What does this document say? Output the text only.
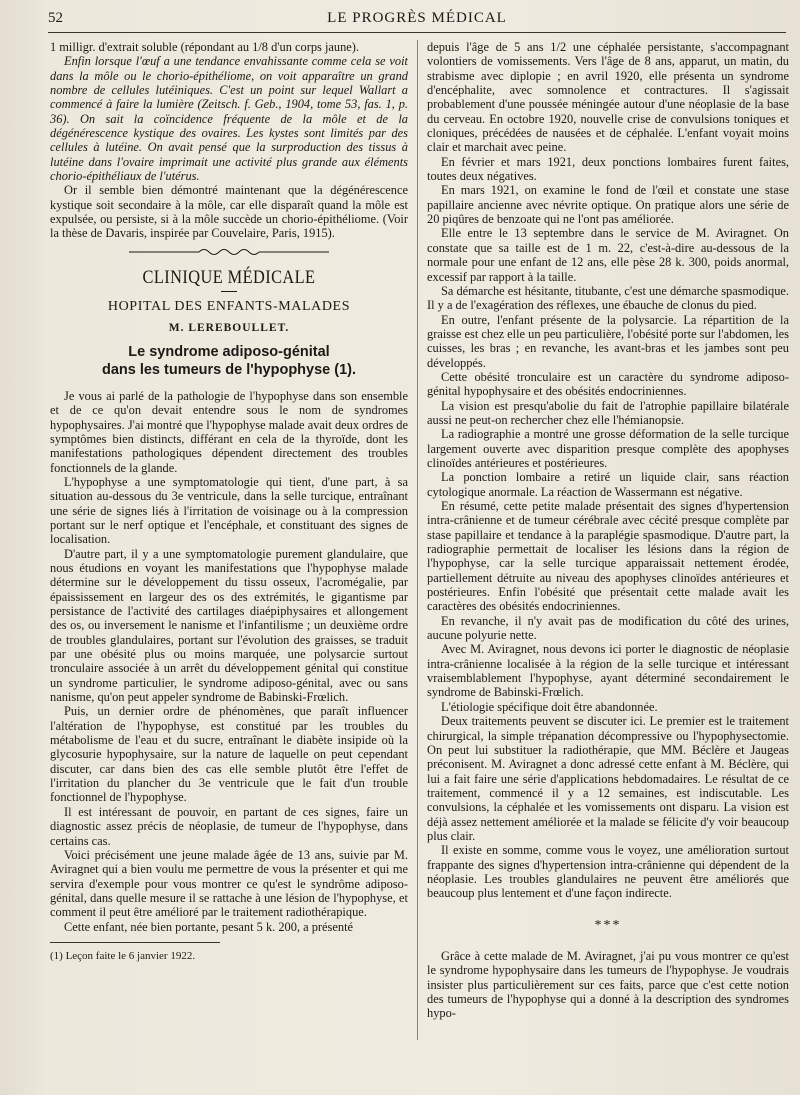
52	LE PROGRÈS MÉDICAL

1 milligr. d'extrait soluble (répondant au 1/8 d'un corps jaune).

Enfin lorsque l'œuf a une tendance envahissante comme cela se voit dans la môle ou le chorio-épithéliome, on voit apparaître un grand nombre de cellules lutéiniques. C'est un point sur lequel Wallart a commencé à faire la lumière (Zeitsch. f. Geb., 1904, tome 53, fas. 1, p. 36). On sait la coïncidence fréquente de la môle et de la dégénérescence kystique des ovaires. Les kystes sont limités par des cellules à lutéine. On avait pensé que la surproduction des tissus à lutéine dans l'ovaire imprimait une activité plus grande aux éléments chorio-épithéliaux de l'utérus.

Or il semble bien démontré maintenant que la dégénérescence kystique soit secondaire à la môle, car elle disparaît quand la môle est expulsée, ou persiste, si à la môle succède un chorio-épithéliome. (Voir la thèse de Davaris, inspirée par Couvelaire, Paris, 1915).

CLINIQUE MÉDICALE
HOPITAL DES ENFANTS-MALADES
M. LEREBOULLET.
Le syndrome adiposo-génital
dans les tumeurs de l'hypophyse (1).

Je vous ai parlé de la pathologie de l'hypophyse dans son ensemble et de ce qu'on devait entendre sous le nom de syndromes hypophysaires. J'ai montré que l'hypophyse malade avait deux ordres de symptômes bien distincts, différant en cela de la thyroïde, dont les manifestations pathologiques dépendent directement des troubles fonctionnels de la glande.

L'hypophyse a une symptomatologie qui tient, d'une part, à sa situation au-dessous du 3e ventricule, dans la selle turcique, entraînant une série de signes liés à l'irritation de voisinage ou à la compression portant sur le nerf optique et l'encéphale, et constituant des signes de localisation.

D'autre part, il y a une symptomatologie purement glandulaire, que nous étudions en voyant les manifestations que l'hypophyse malade détermine sur le développement du tissu osseux, l'acromégalie, par épaississement en largeur des os des extrémités, le gigantisme par persistance de l'activité des cartilages diaépiphysaires et allongement des os, ou inversement le nanisme et l'infantilisme ; un deuxième ordre de troubles glandulaires, portant sur l'évolution des graisses, se traduit par une obésité plus ou moins marquée, une polysarcie surtout tronculaire associée à un arrêt du développement génital qui constitue un syndrome particulier, le syndrome adiposo-génital, avec ou sans nanisme, qu'on peut appeler syndrome de Babinski-Frœlich.

Puis, un dernier ordre de phénomènes, que paraît influencer l'altération de l'hypophyse, est constitué par les troubles du métabolisme de l'eau et du sucre, entraînant le diabète insipide où la glycosurie hypophysaire, sur la nature de laquelle on peut cependant discuter, car dans bien des cas elle semble plutôt être l'effet de l'irritation du plancher du 3e ventricule que le fait d'un trouble fonctionnel de l'hypophyse.

Il est intéressant de pouvoir, en partant de ces signes, faire un diagnostic assez précis de néoplasie, de tumeur de l'hypophyse, dans certains cas.

Voici précisément une jeune malade âgée de 13 ans, suivie par M. Aviragnet qui a bien voulu me permettre de vous la présenter et qui me servira d'exemple pour vous montrer ce qu'est le syndrôme adiposo-génital, dans quelle mesure il se rattache à une lésion de l'hypophyse, et comment il peut être amélioré par le traitement radiothérapique.

Cette enfant, née bien portante, pesant 5 k. 200, a présenté

(1) Leçon faite le 6 janvier 1922.

depuis l'âge de 5 ans 1/2 une céphalée persistante, s'accompagnant volontiers de vomissements. Vers l'âge de 8 ans, apparut, un matin, du strabisme avec diplopie ; en avril 1920, elle présenta un syndrome d'encéphalite, avec somnolence et contractures. Il s'agissait probablement d'une poussée méningée autour d'une néoplasie de la base du cerveau. En octobre 1920, nouvelle crise de convulsions toniques et cloniques, précédées de nausées et de céphalée. L'enfant voyait moins clair et marchait avec peine.

En février et mars 1921, deux ponctions lombaires furent faites, toutes deux négatives.

En mars 1921, on examine le fond de l'œil et constate une stase papillaire ancienne avec névrite optique. On pratique alors une série de 20 piqûres de benzoate qui ne l'ont pas améliorée.

Elle entre le 13 septembre dans le service de M. Aviragnet. On constate que sa taille est de 1 m. 22, c'est-à-dire au-dessous de la normale pour une enfant de 12 ans, elle pèse 28 k. 300, poids anormal, excessif par rapport à la taille.

Sa démarche est hésitante, titubante, c'est une démarche spasmodique. Il y a de l'exagération des réflexes, une ébauche de clonus du pied.

En outre, l'enfant présente de la polysarcie. La répartition de la graisse est chez elle un peu particulière, l'obésité porte sur l'abdomen, les cuisses, les bras ; en revanche, les avant-bras et les jambes sont peu développés.

Cette obésité tronculaire est un caractère du syndrome adiposo-génital hypophysaire et des obésités endocriniennes.

La vision est presqu'abolie du fait de l'atrophie papillaire bilatérale aussi ne peut-on rechercher chez elle l'hémianopsie.

La radiographie a montré une grosse déformation de la selle turcique largement ouverte avec disparition presque complète des apophyses clinoïdes antérieures et postérieures.

La ponction lombaire a retiré un liquide clair, sans réaction cytologique anormale. La réaction de Wassermann est négative.

En résumé, cette petite malade présentait des signes d'hypertension intra-crânienne et de tumeur cérébrale avec cécité presque complète par stase papillaire et tendance à la paraplégie spasmodique. D'autre part, la radiographie permettait de localiser les lésions dans la région de l'hypophyse, car la selle turcique apparaissait nettement érodée, partiellement détruite au niveau des apophyses clinoïdes antérieures et postérieures. Enfin l'obésité que présentait cette malade avait les caractères des obésités endocriniennes.

En revanche, il n'y avait pas de modification du côté des urines, aucune polyurie nette.

Avec M. Aviragnet, nous devons ici porter le diagnostic de néoplasie intra-crânienne localisée à la région de la selle turcique et intéressant vraisemblablement l'hypophyse, ayant déterminé secondairement le syndrome de Babinski-Frœlich.

L'étiologie spécifique doit être abandonnée.

Deux traitements peuvent se discuter ici. Le premier est le traitement chirurgical, la simple trépanation décompressive ou l'hypophysectomie. On peut lui substituer la radiothérapie, que MM. Béclère et Jaugeas préconisent. M. Aviragnet a donc adressé cette enfant à M. Béclère, qui lui a fait faire une série d'applications hebdomadaires. Le résultat de ce traitement, commencé il y a 12 semaines, est indiscutable. Les convulsions, la céphalée et les vomissements ont disparu. La vision est déjà assez nettement améliorée et la malade se félicite d'y voir beaucoup plus clair.

Il existe en somme, comme vous le voyez, une amélioration surtout frappante des signes d'hypertension intra-crânienne qui dépendent de la néoplasie. Les troubles glandulaires ne peuvent être améliorés que beaucoup plus lentement et d'une façon indirecte.

***

Grâce à cette malade de M. Aviragnet, j'ai pu vous montrer ce qu'est le syndrome hypophysaire dans les tumeurs de l'hypophyse. Je voudrais insister plus particulièrement sur ces faits, parce que c'est cette notion des tumeurs de l'hypophyse qui a donné à la description des syndromes hypo-
